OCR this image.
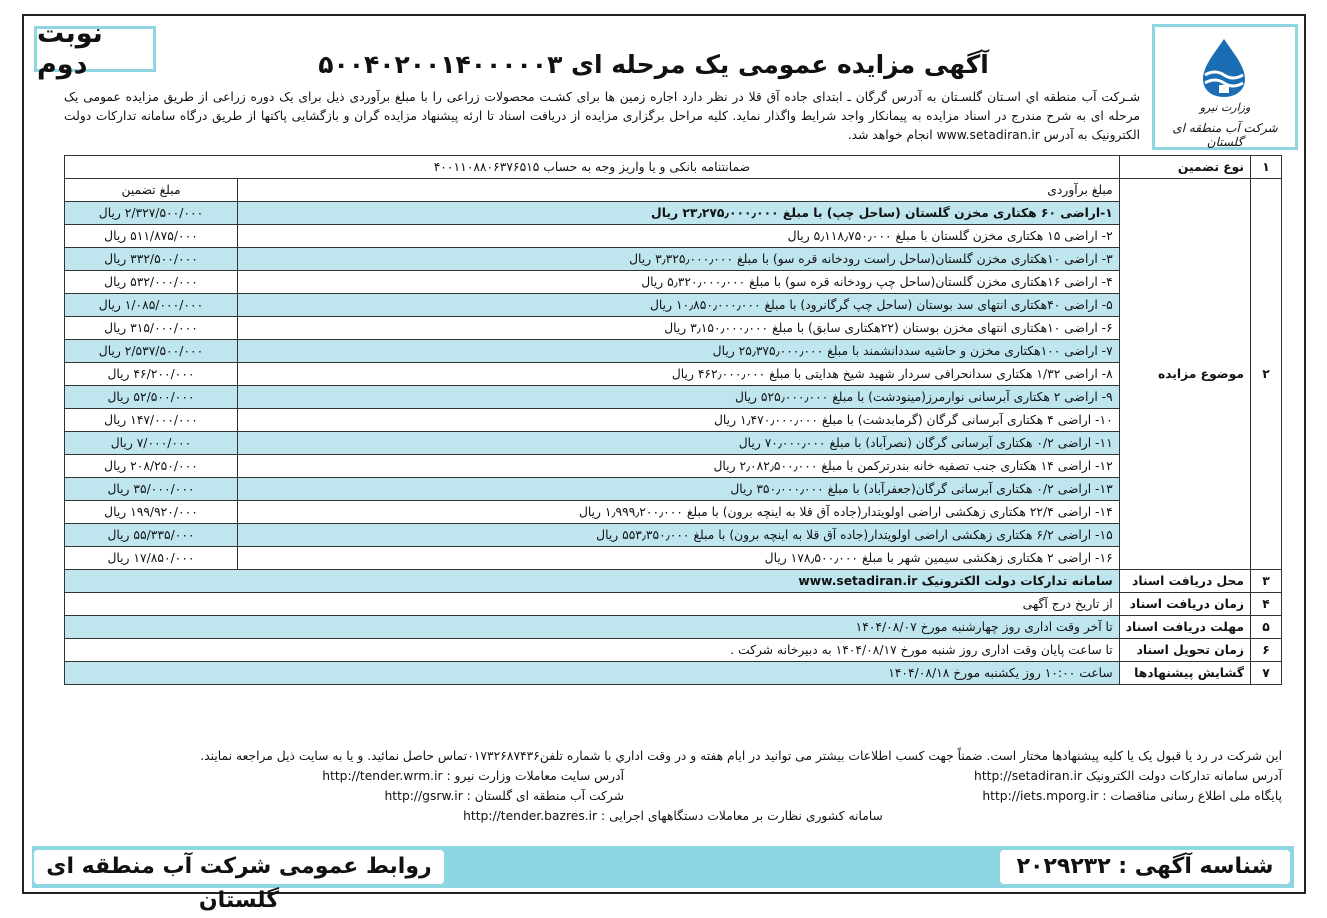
نوبت دوم
وزارت نیرو
شرکت آب منطقه ای گلستان
آگهی مزایده عمومی یک مرحله ای ۵۰۰۴۰۲۰۰۱۴۰۰۰۰۰۳
شـرکت آب منطقه اي اسـتان گلسـتان به آدرس گرگان ـ ابتدای جاده آق قلا در نظر دارد اجاره زمین ها برای کشـت محصولات زراعی را با مبلغ برآوردی ذیل برای یک دوره زراعی از طریق مزایده عمومی یک مرحله ای به شرح مندرج در اسناد مزایده به پیمانکار واجد شرایط واگذار نماید. کلیه مراحل برگزاری مزایده از دریافت اسناد تا ارئه پیشنهاد مزایده گران و بازگشایی پاکتها از طریق درگاه سامانه تدارکات دولت الکترونیک به آدرس www.setadiran.ir انجام خواهد شد.
۱	نوع تضمین	ضمانتنامه بانکی و یا واریز وجه به حساب ۴۰۰۱۱۰۸۸۰۶۳۷۶۵۱۵	
۲	موضوع مزایده	مبلغ برآوردی	مبلغ تضمین
		۱-اراضی ۶۰ هکتاری مخزن گلستان (ساحل چپ) با مبلغ ۲۳٫۲۷۵٫۰۰۰٫۰۰۰ ریال	۲/۳۲۷/۵۰۰/۰۰۰ ریال
		۲- اراضی ۱۵ هکتاری مخزن گلستان با مبلغ ۵٫۱۱۸٫۷۵۰٫۰۰۰ ریال	۵۱۱/۸۷۵/۰۰۰ ریال
		۳- اراضی ۱۰هکتاری مخزن گلستان(ساحل راست رودخانه قره سو) با مبلغ ۳٫۳۲۵٫۰۰۰٫۰۰۰ ریال	۳۳۲/۵۰۰/۰۰۰ ریال
		۴- اراضی ۱۶هکتاری مخزن گلستان(ساحل چپ رودخانه قره سو) با مبلغ ۵٫۳۲۰٫۰۰۰٫۰۰۰ ریال	۵۳۲/۰۰۰/۰۰۰ ریال
		۵- اراضی ۴۰هکتاری انتهای سد بوستان (ساحل چپ گرگانرود) با مبلغ ۱۰٫۸۵۰٫۰۰۰٫۰۰۰ ریال	۱/۰۸۵/۰۰۰/۰۰۰ ریال
		۶- اراضی ۱۰هکتاری انتهای مخزن بوستان (۲۲هکتاری سابق) با مبلغ ۳٫۱۵۰٫۰۰۰٫۰۰۰ ریال	۳۱۵/۰۰۰/۰۰۰ ریال
		۷- اراضی ۱۰۰هکتاری مخزن و حاشیه سددانشمند با مبلغ ۲۵٫۳۷۵٫۰۰۰٫۰۰۰ ریال	۲/۵۳۷/۵۰۰/۰۰۰ ریال
		۸- اراضی ۱/۳۲ هکتاری سدانحرافی سردار شهید شیخ هدایتی با مبلغ ۴۶۲٫۰۰۰٫۰۰۰ ریال	۴۶/۲۰۰/۰۰۰ ریال
		۹- اراضی ۲ هکتاری آبرسانی نوارمرز(مینودشت) با مبلغ ۵۲۵٫۰۰۰٫۰۰۰ ریال	۵۲/۵۰۰/۰۰۰ ریال
		۱۰- اراضی ۴ هکتاری آبرسانی گرگان (گرمابدشت) با مبلغ ۱٫۴۷۰٫۰۰۰٫۰۰۰ ریال	۱۴۷/۰۰۰/۰۰۰ ریال
		۱۱- اراضی ۰/۲ هکتاری آبرسانی گرگان (نصرآباد) با مبلغ ۷۰٫۰۰۰٫۰۰۰ ریال	۷/۰۰۰/۰۰۰ ریال
		۱۲- اراضی ۱۴ هکتاری جنب تصفیه خانه بندرترکمن با مبلغ ۲٫۰۸۲٫۵۰۰٫۰۰۰ ریال	۲۰۸/۲۵۰/۰۰۰ ریال
		۱۳- اراضی ۰/۲ هکتاری آبرسانی گرگان(جعفرآباد) با مبلغ ۳۵۰٫۰۰۰٫۰۰۰ ریال	۳۵/۰۰۰/۰۰۰ ریال
		۱۴- اراضی ۲۲/۴ هکتاری زهکشی اراضی اولویتدار(جاده آق قلا به اینچه برون) با مبلغ ۱٫۹۹۹٫۲۰۰٫۰۰۰ ریال	۱۹۹/۹۲۰/۰۰۰ ریال
		۱۵- اراضی ۶/۲ هکتاری زهکشی اراضی اولویتدار(جاده آق قلا به اینچه برون) با مبلغ ۵۵۳٫۳۵۰٫۰۰۰ ریال	۵۵/۳۳۵/۰۰۰ ریال
		۱۶- اراضی ۲ هکتاری زهکشی سیمین شهر با مبلغ ۱۷۸٫۵۰۰٫۰۰۰ ریال	۱۷/۸۵۰/۰۰۰ ریال
۳	محل دریافت اسناد	سامانه تدارکات دولت الکترونیک www.setadiran.ir	
۴	زمان دریافت اسناد	از تاریخ درج آگهی	
۵	مهلت دریافت اسناد	تا آخر وقت اداری روز چهارشنبه مورخ ۱۴۰۴/۰۸/۰۷	
۶	زمان تحویل اسناد	تا ساعت پایان وقت اداری روز شنبه مورخ ۱۴۰۴/۰۸/۱۷ به دبیرخانه شرکت .	
۷	گشایش پیشنهادها	ساعت ۱۰:۰۰ روز یکشنبه مورخ ۱۴۰۴/۰۸/۱۸	
این شرکت در رد یا قبول یک یا کلیه پیشنهادها مختار است. ضمناً جهت کسب اطلاعات بیشتر می توانید در ایام هفته و در وقت اداري با شماره تلفن۰۱۷۳۲۶۸۷۴۳۶تماس حاصل نمائید. و یا به سایت ذیل مراجعه نمایند.
آدرس سامانه تدارکات دولت الکترونیک http://setadiran.ir
آدرس سایت معاملات وزارت نیرو : http://tender.wrm.ir
پایگاه ملی اطلاع رسانی مناقصات : http://iets.mporg.ir
شرکت آب منطقه ای گلستان : http://gsrw.ir
سامانه کشوری نظارت بر معاملات دستگاههای اجرایی : http://tender.bazres.ir
روابط عمومی شرکت آب منطقه ای گلستان
شناسه آگهی : ۲۰۲۹۲۳۲
